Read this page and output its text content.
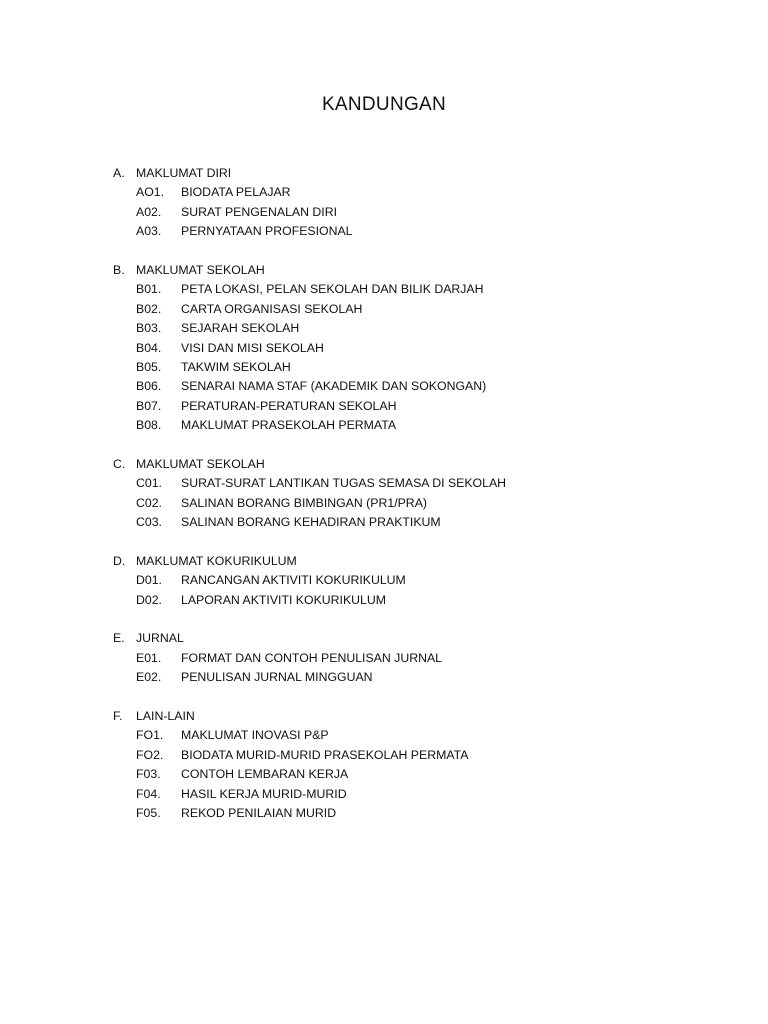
KANDUNGAN
A. MAKLUMAT DIRI
AO1. BIODATA PELAJAR
A02. SURAT PENGENALAN DIRI
A03. PERNYATAAN PROFESIONAL
B. MAKLUMAT SEKOLAH
B01. PETA LOKASI, PELAN SEKOLAH DAN BILIK DARJAH
B02. CARTA ORGANISASI SEKOLAH
B03. SEJARAH SEKOLAH
B04. VISI DAN MISI SEKOLAH
B05. TAKWIM SEKOLAH
B06. SENARAI NAMA STAF (AKADEMIK DAN SOKONGAN)
B07. PERATURAN-PERATURAN SEKOLAH
B08. MAKLUMAT PRASEKOLAH PERMATA
C. MAKLUMAT SEKOLAH
C01. SURAT-SURAT LANTIKAN TUGAS SEMASA DI SEKOLAH
C02. SALINAN BORANG BIMBINGAN (PR1/PRA)
C03. SALINAN BORANG KEHADIRAN PRAKTIKUM
D. MAKLUMAT KOKURIKULUM
D01. RANCANGAN AKTIVITI KOKURIKULUM
D02. LAPORAN AKTIVITI KOKURIKULUM
E. JURNAL
E01. FORMAT DAN CONTOH PENULISAN JURNAL
E02. PENULISAN JURNAL MINGGUAN
F. LAIN-LAIN
FO1. MAKLUMAT INOVASI P&P
FO2. BIODATA MURID-MURID PRASEKOLAH PERMATA
F03. CONTOH LEMBARAN KERJA
F04. HASIL KERJA MURID-MURID
F05. REKOD PENILAIAN MURID
